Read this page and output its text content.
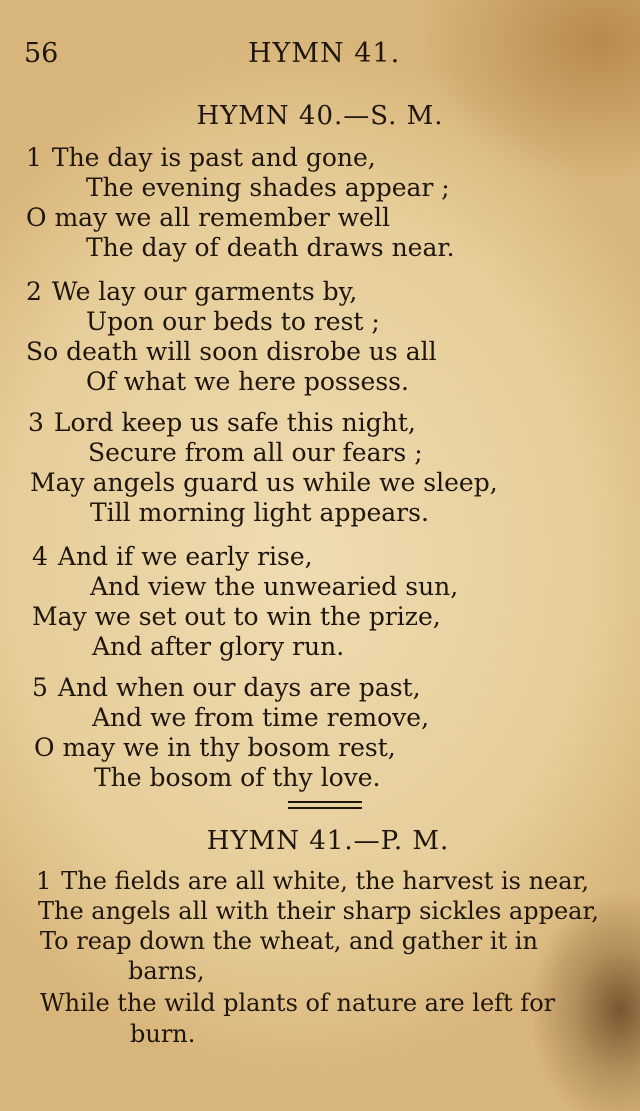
56	HYMN 41.
HYMN 40.—S. M.
1 The day is past and gone,
The evening shades appear ;
O may we all remember well
The day of death draws near.
2 We lay our garments by,
Upon our beds to rest ;
So death will soon disrobe us all
Of what we here possess.
3 Lord keep us safe this night,
Secure from all our fears ;
May angels guard us while we sleep,
Till morning light appears.
4 And if we early rise,
And view the unwearied sun,
May we set out to win the prize,
And after glory run.
5 And when our days are past,
And we from time remove,
O may we in thy bosom rest,
The bosom of thy love.
HYMN 41.—P. M.
1 The fields are all white, the harvest is near,
The angels all with their sharp sickles appear,
To reap down the wheat, and gather it in
barns,
While the wild plants of nature are left for
burn.
